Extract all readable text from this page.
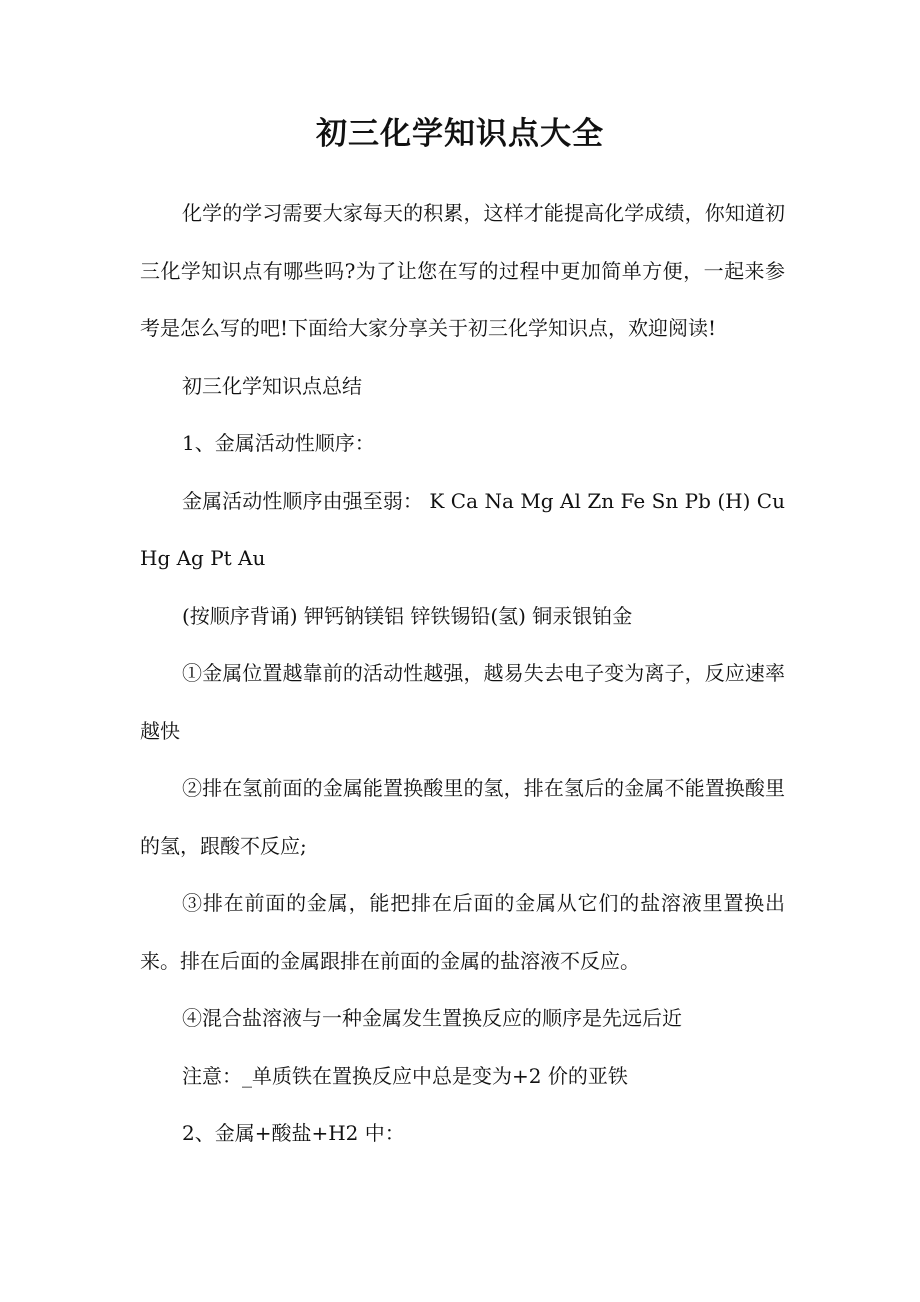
初三化学知识点大全

化学的学习需要大家每天的积累，这样才能提高化学成绩，你知道初三化学知识点有哪些吗?为了让您在写的过程中更加简单方便，一起来参考是怎么写的吧!下面给大家分享关于初三化学知识点，欢迎阅读!

初三化学知识点总结

1、金属活动性顺序：

金属活动性顺序由强至弱： K Ca Na Mg Al Zn Fe Sn Pb (H) Cu Hg Ag Pt Au

(按顺序背诵) 钾钙钠镁铝 锌铁锡铅(氢) 铜汞银铂金

①金属位置越靠前的活动性越强，越易失去电子变为离子，反应速率越快

②排在氢前面的金属能置换酸里的氢，排在氢后的金属不能置换酸里的氢，跟酸不反应;

③排在前面的金属，能把排在后面的金属从它们的盐溶液里置换出来。排在后面的金属跟排在前面的金属的盐溶液不反应。

④混合盐溶液与一种金属发生置换反应的顺序是先远后近

注意：_单质铁在置换反应中总是变为+2 价的亚铁

2、金属+酸盐+H2 中：
